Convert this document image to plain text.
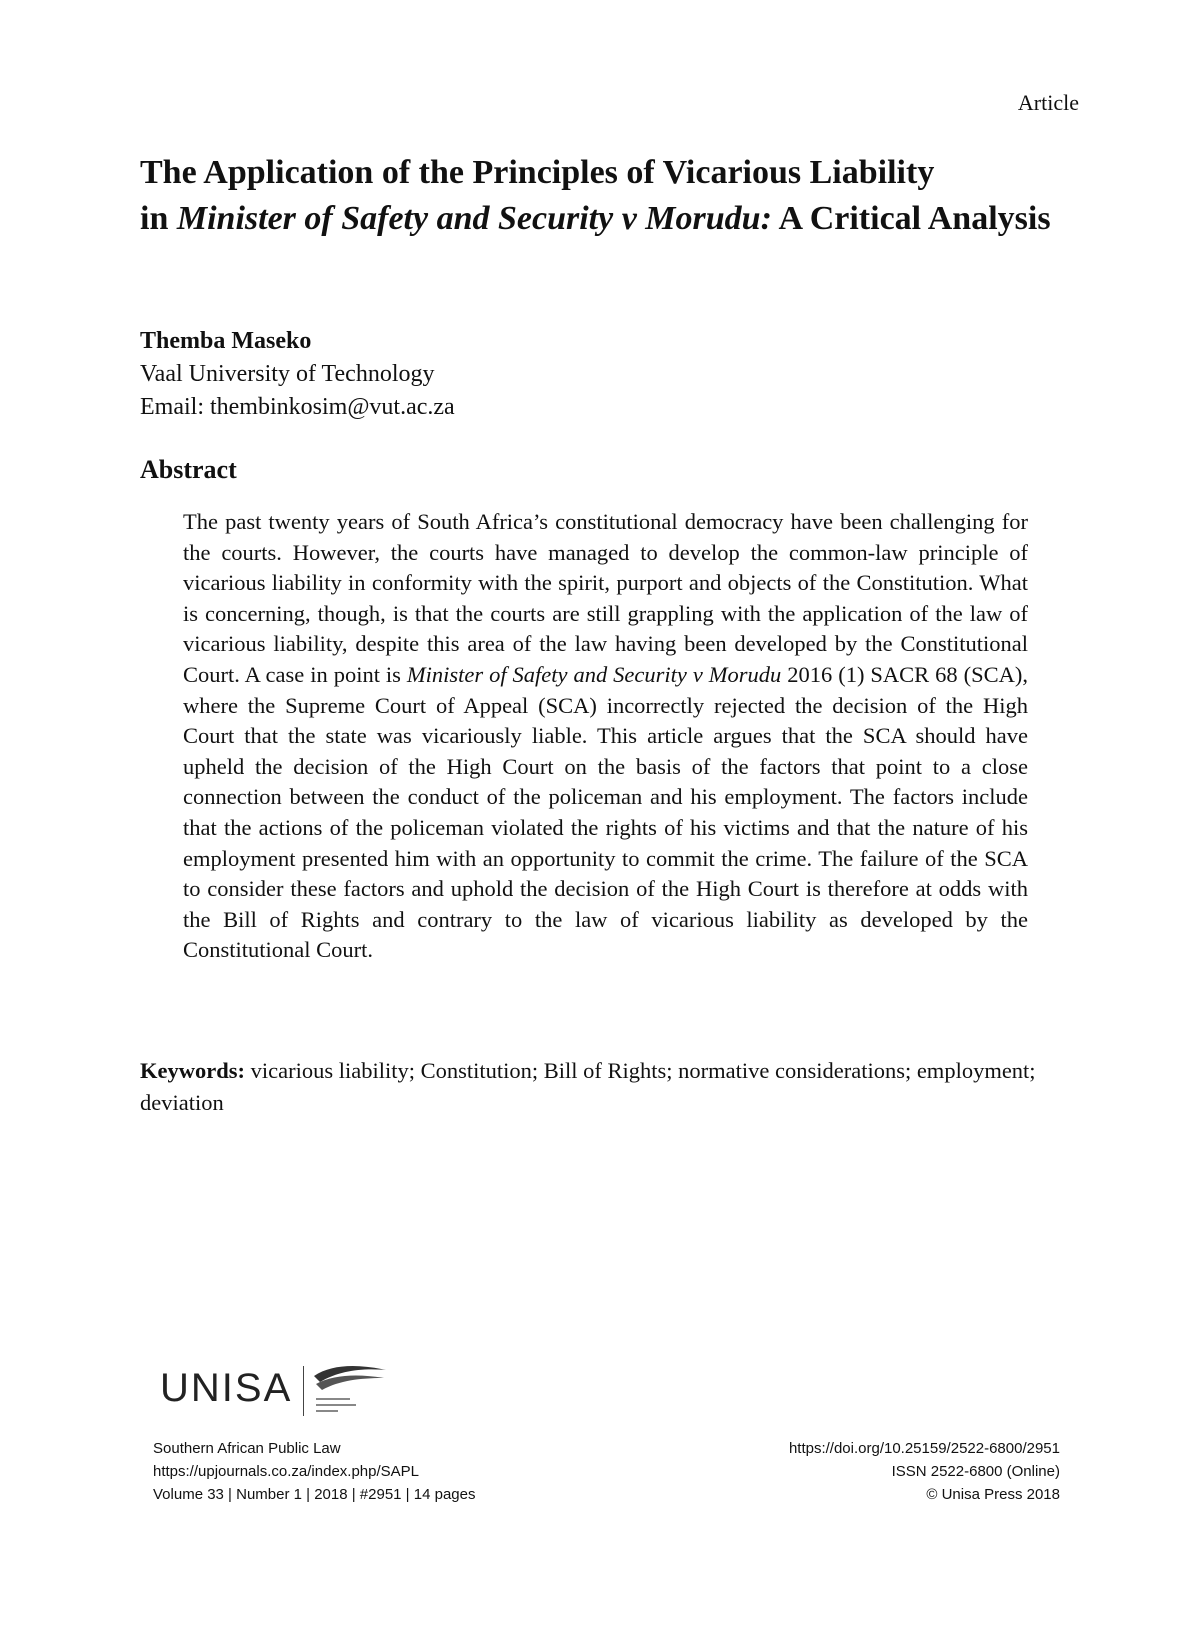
Article
The Application of the Principles of Vicarious Liability
in Minister of Safety and Security v Morudu: A Critical Analysis
Themba Maseko
Vaal University of Technology
Email: thembinkosim@vut.ac.za
Abstract

The past twenty years of South Africa’s constitutional democracy have been challenging for the courts. However, the courts have managed to develop the common-law principle of vicarious liability in conformity with the spirit, purport and objects of the Constitution. What is concerning, though, is that the courts are still grappling with the application of the law of vicarious liability, despite this area of the law having been developed by the Constitutional Court. A case in point is Minister of Safety and Security v Morudu 2016 (1) SACR 68 (SCA), where the Supreme Court of Appeal (SCA) incorrectly rejected the decision of the High Court that the state was vicariously liable. This article argues that the SCA should have upheld the decision of the High Court on the basis of the factors that point to a close connection between the conduct of the policeman and his employment. The factors include that the actions of the policeman violated the rights of his victims and that the nature of his employment presented him with an opportunity to commit the crime. The failure of the SCA to consider these factors and uphold the decision of the High Court is therefore at odds with the Bill of Rights and contrary to the law of vicarious liability as developed by the Constitutional Court.

Keywords: vicarious liability; Constitution; Bill of Rights; normative considerations; employment; deviation

UNISA
Southern African Public Law
https://upjournals.co.za/index.php/SAPL
Volume 33 | Number 1 | 2018 | #2951 | 14 pages
https://doi.org/10.25159/2522-6800/2951
ISSN 2522-6800 (Online)
© Unisa Press 2018
